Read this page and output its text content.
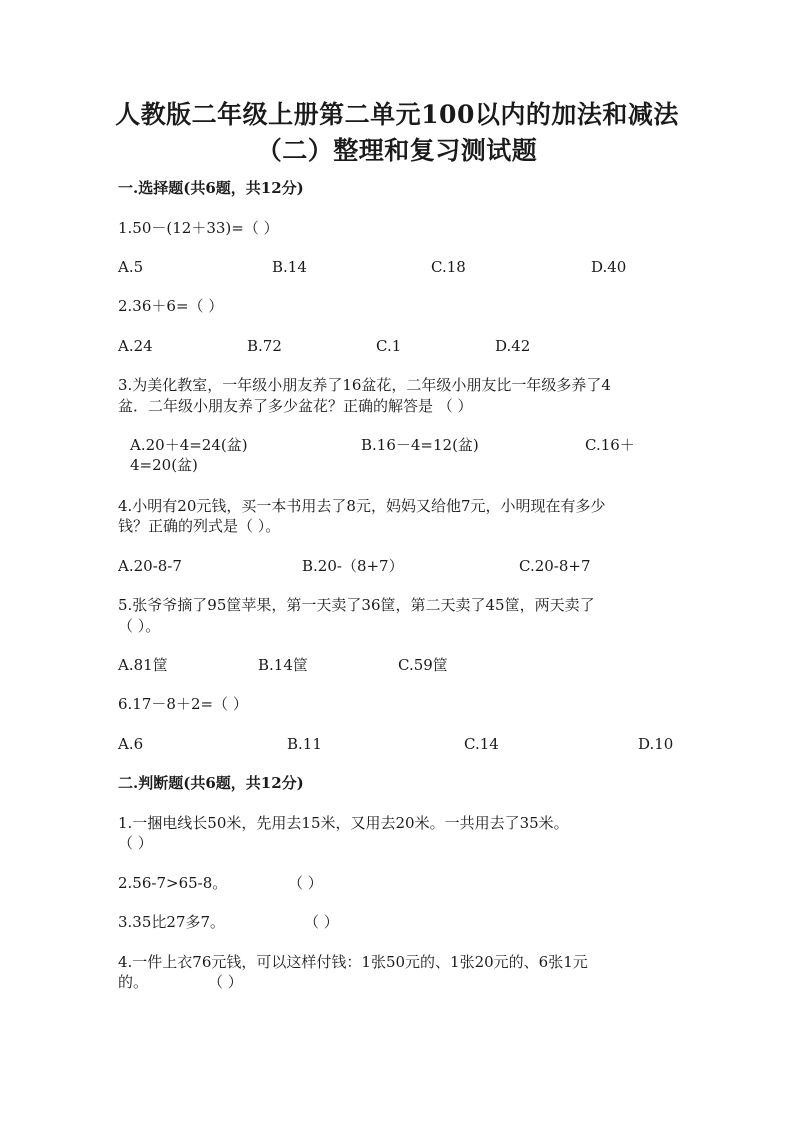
人教版二年级上册第二单元100以内的加法和减法
（二）整理和复习测试题
一.选择题(共6题，共12分)
1.50－(12＋33)=（ ）
A.5	B.14	C.18	D.40
2.36＋6=（ ）
A.24	B.72	C.1	D.42
3.为美化教室，一年级小朋友养了16盆花，二年级小朋友比一年级多养了4
盆．二年级小朋友养了多少盆花？正确的解答是 （ ）
A.20＋4=24(盆)	B.16－4=12(盆)	C.16＋
4=20(盆)
4.小明有20元钱，买一本书用去了8元，妈妈又给他7元，小明现在有多少
钱？正确的列式是（ ）。
A.20-8-7	B.20-（8+7）	C.20-8+7
5.张爷爷摘了95筐苹果，第一天卖了36筐，第二天卖了45筐，两天卖了
（ ）。
A.81筐	B.14筐	C.59筐
6.17－8＋2=（ ）
A.6	B.11	C.14	D.10
二.判断题(共6题，共12分)
1.一捆电线长50米，先用去15米，又用去20米。一共用去了35米。
（ ）
2.56-7>65-8。	（ ）
3.35比27多7。	（ ）
4.一件上衣76元钱，可以这样付钱：1张50元的、1张20元的、6张1元
的。	（ ）
